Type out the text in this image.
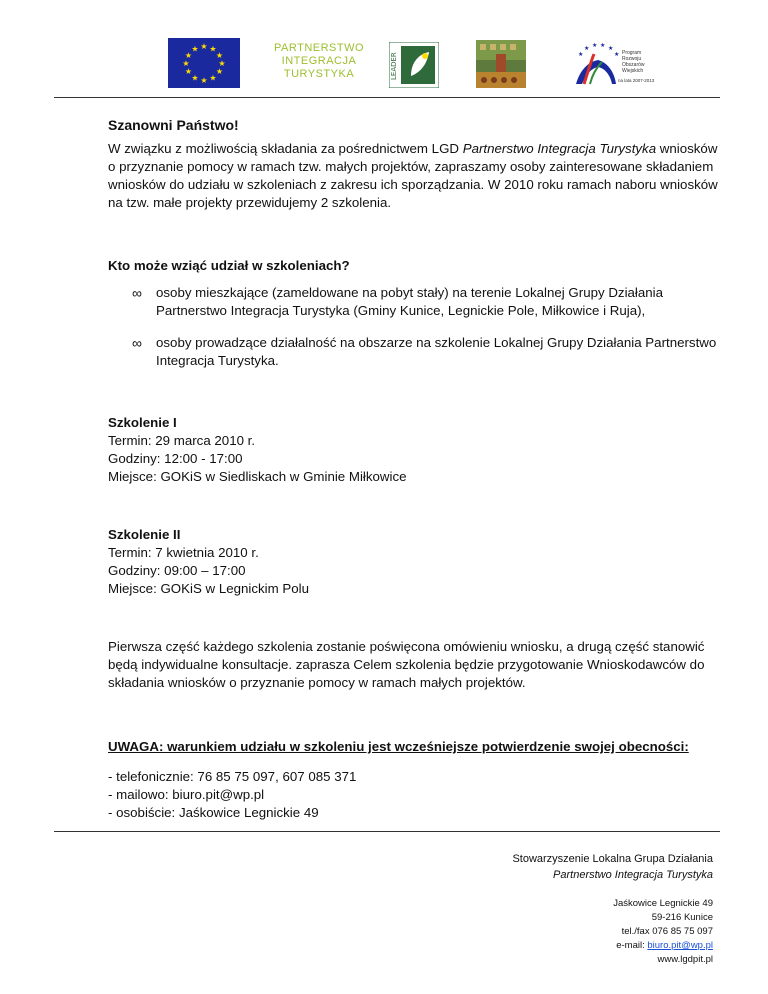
★ ★
★
★
★
★
★
★
★
★
★
★	PARTNERSTWO
INTEGRACJA
TURYSTYKA	LEADER
★ ★ ★ ★
★	★ Program
Rozwoju
Obszarów
Wiejskich
na lata 2007-2013
Szanowni Państwo!
W związku z możliwością składania za pośrednictwem LGD Partnerstwo Integracja Turystyka wniosków o przyznanie pomocy w ramach tzw. małych projektów, zapraszamy osoby zainteresowane składaniem wniosków do udziału w szkoleniach z zakresu ich sporządzania. W 2010 roku ramach naboru wniosków na tzw. małe projekty przewidujemy 2 szkolenia.
Kto może wziąć udział w szkoleniach?
∞ osoby mieszkające (zameldowane na pobyt stały) na terenie Lokalnej Grupy Działania Partnerstwo Integracja Turystyka (Gminy Kunice, Legnickie Pole, Miłkowice i Ruja),
∞ osoby prowadzące działalność na obszarze na szkolenie Lokalnej Grupy Działania Partnerstwo Integracja Turystyka.
Szkolenie I
Termin: 29 marca 2010 r.
Godziny: 12:00 - 17:00
Miejsce: GOKiS w Siedliskach w Gminie Miłkowice
Szkolenie II
Termin: 7 kwietnia 2010 r.
Godziny: 09:00 – 17:00
Miejsce: GOKiS w Legnickim Polu
Pierwsza część każdego szkolenia zostanie poświęcona omówieniu wniosku, a drugą część stanowić będą indywidualne konsultacje. zaprasza Celem szkolenia będzie przygotowanie Wnioskodawców do składania wniosków o przyznanie pomocy w ramach małych projektów.
UWAGA: warunkiem udziału w szkoleniu jest wcześniejsze potwierdzenie swojej obecności:
- telefonicznie: 76 85 75 097, 607 085 371
- mailowo: biuro.pit@wp.pl
- osobiście: Jaśkowice Legnickie 49
Stowarzyszenie Lokalna Grupa Działania
Partnerstwo Integracja Turystyka
Jaśkowice Legnickie 49
59-216 Kunice
tel./fax 076 85 75 097
e-mail: biuro.pit@wp.pl
www.lgdpit.pl
